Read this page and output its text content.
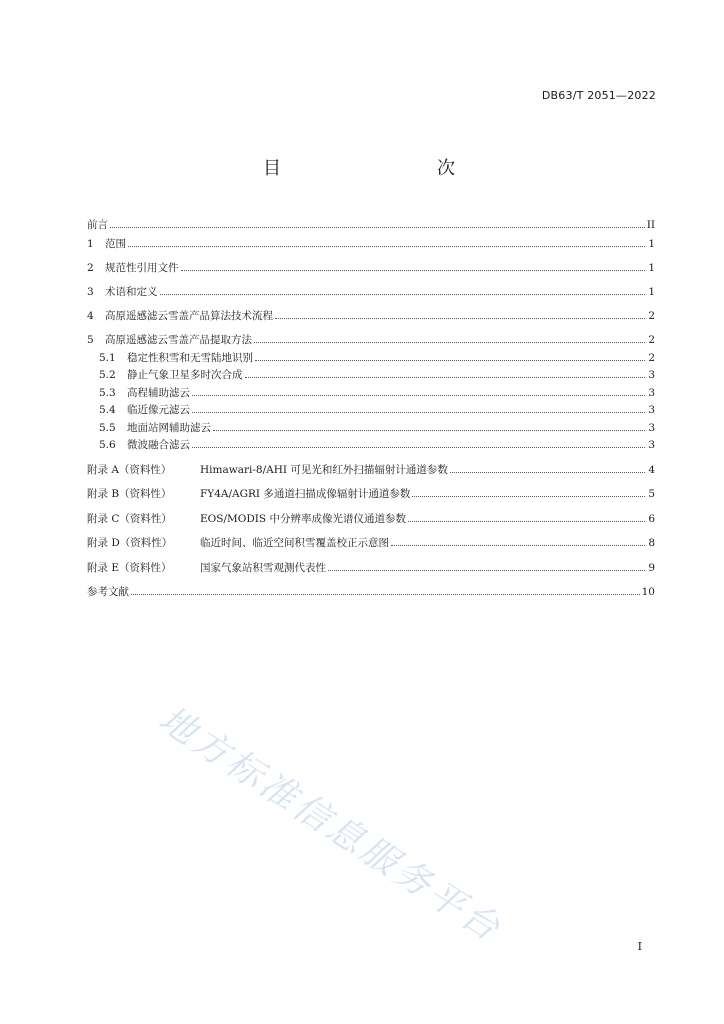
DB63/T 2051—2022
目　　次
前言	II
1	范围	1
2	规范性引用文件	1
3	术语和定义	1
4	高原遥感滤云雪盖产品算法技术流程	2
5	高原遥感滤云雪盖产品提取方法	2
5.1	稳定性积雪和无雪陆地识别	2
5.2	静止气象卫星多时次合成	3
5.3	高程辅助滤云	3
5.4	临近像元滤云	3
5.5	地面站网辅助滤云	3
5.6	微波融合滤云	3
附录 A（资料性）	Himawari-8/AHI 可见光和红外扫描辐射计通道参数	4
附录 B（资料性）	FY4A/AGRI 多通道扫描成像辐射计通道参数	5
附录 C（资料性）	EOS/MODIS 中分辨率成像光谱仪通道参数	6
附录 D（资料性）	临近时间、临近空间积雪覆盖校正示意图	8
附录 E（资料性）	国家气象站积雪观测代表性	9
参考文献	10
地方标准信息服务平台	I
